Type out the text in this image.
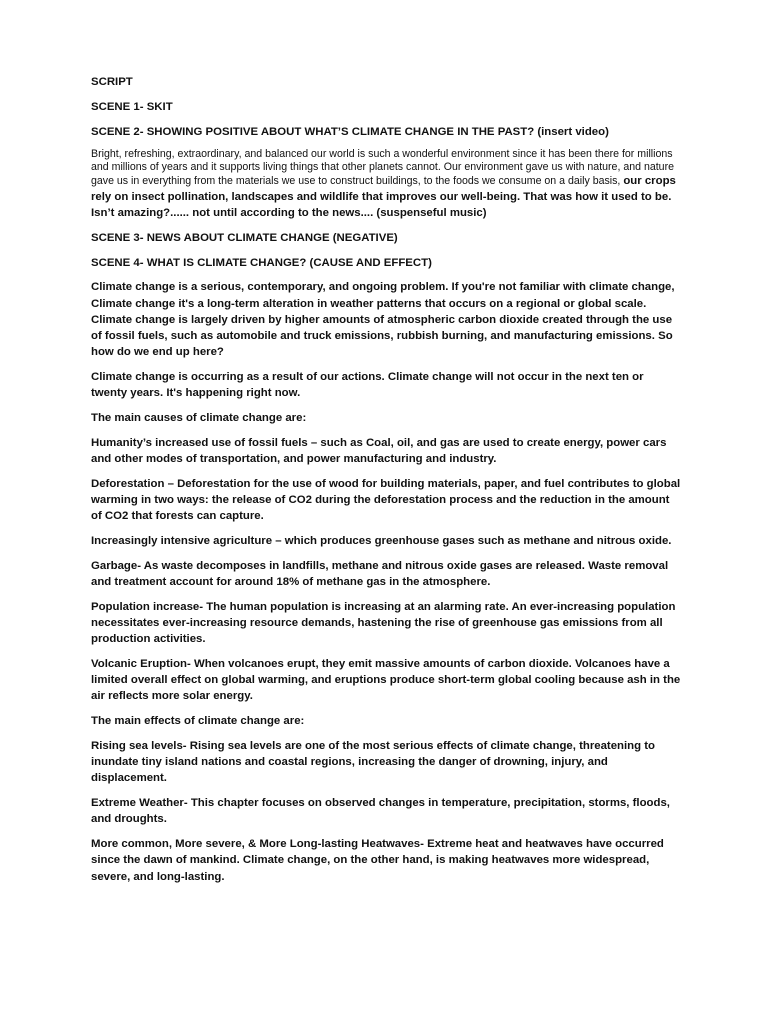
SCRIPT

SCENE 1- SKIT

SCENE 2- SHOWING POSITIVE ABOUT WHAT’S CLIMATE CHANGE IN THE PAST? (insert video)

Bright, refreshing, extraordinary, and balanced our world is such a wonderful environment since it has been there for millions and millions of years and it supports living things that other planets cannot. Our environment gave us with nature, and nature gave us in everything from the materials we use to construct buildings, to the foods we consume on a daily basis, our crops rely on insect pollination, landscapes and wildlife that improves our well-being. That was how it used to be. Isn’t amazing?...... not until according to the news.... (suspenseful music)

SCENE 3- NEWS ABOUT CLIMATE CHANGE (NEGATIVE)

SCENE 4- WHAT IS CLIMATE CHANGE? (CAUSE AND EFFECT)

Climate change is a serious, contemporary, and ongoing problem. If you're not familiar with climate change, Climate change it's a long-term alteration in weather patterns that occurs on a regional or global scale. Climate change is largely driven by higher amounts of atmospheric carbon dioxide created through the use of fossil fuels, such as automobile and truck emissions, rubbish burning, and manufacturing emissions. So how do we end up here?

Climate change is occurring as a result of our actions. Climate change will not occur in the next ten or twenty years. It's happening right now.

The main causes of climate change are:

Humanity’s increased use of fossil fuels – such as Coal, oil, and gas are used to create energy, power cars and other modes of transportation, and power manufacturing and industry.

Deforestation – Deforestation for the use of wood for building materials, paper, and fuel contributes to global warming in two ways: the release of CO2 during the deforestation process and the reduction in the amount of CO2 that forests can capture.

Increasingly intensive agriculture – which produces greenhouse gases such as methane and nitrous oxide.

Garbage- As waste decomposes in landfills, methane and nitrous oxide gases are released. Waste removal and treatment account for around 18% of methane gas in the atmosphere.

Population increase- The human population is increasing at an alarming rate. An ever-increasing population necessitates ever-increasing resource demands, hastening the rise of greenhouse gas emissions from all production activities.

Volcanic Eruption- When volcanoes erupt, they emit massive amounts of carbon dioxide. Volcanoes have a limited overall effect on global warming, and eruptions produce short-term global cooling because ash in the air reflects more solar energy.

The main effects of climate change are:

Rising sea levels- Rising sea levels are one of the most serious effects of climate change, threatening to inundate tiny island nations and coastal regions, increasing the danger of drowning, injury, and displacement.

Extreme Weather- This chapter focuses on observed changes in temperature, precipitation, storms, floods, and droughts.

More common, More severe, & More Long-lasting Heatwaves- Extreme heat and heatwaves have occurred since the dawn of mankind. Climate change, on the other hand, is making heatwaves more widespread, severe, and long-lasting.
